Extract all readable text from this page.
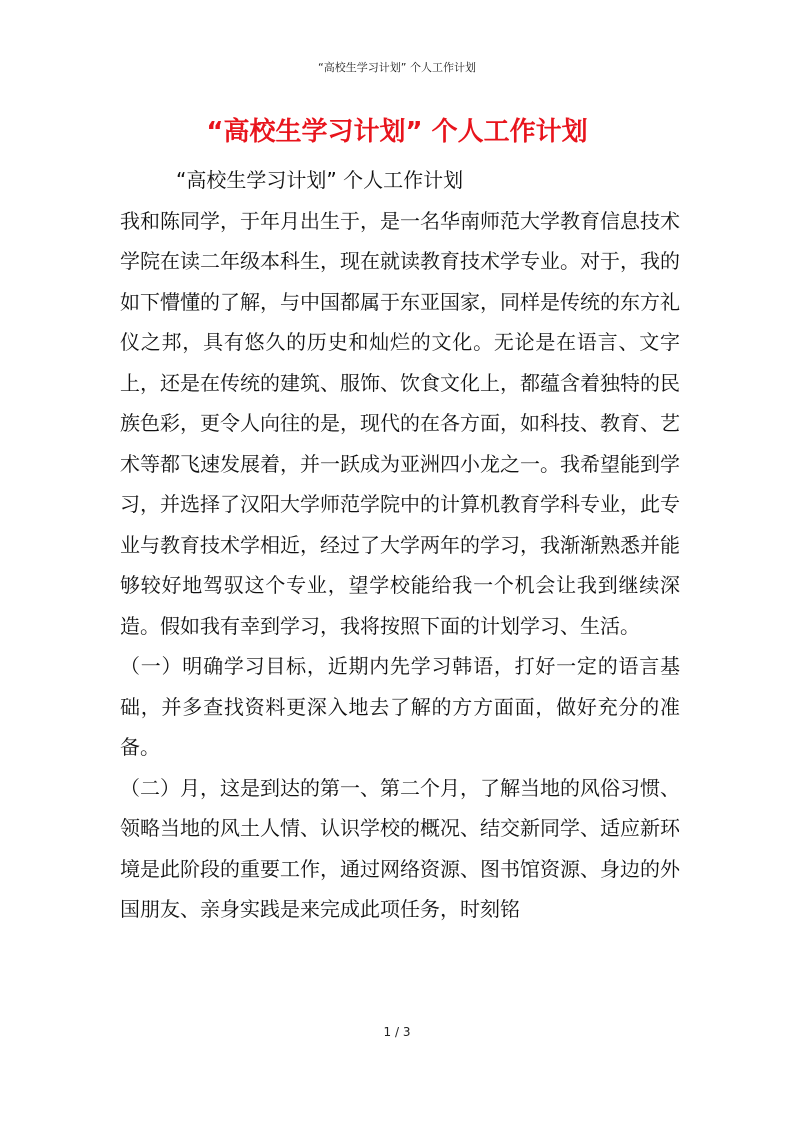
“高校生学习计划” 个人工作计划
“高校生学习计划” 个人工作计划

“高校生学习计划” 个人工作计划

我和陈同学，于年月出生于，是一名华南师范大学教育信息技术学院在读二年级本科生，现在就读教育技术学专业。对于，我的如下懵懂的了解，与中国都属于东亚国家，同样是传统的东方礼仪之邦，具有悠久的历史和灿烂的文化。无论是在语言、文字上，还是在传统的建筑、服饰、饮食文化上，都蕴含着独特的民族色彩，更令人向往的是，现代的在各方面，如科技、教育、艺术等都飞速发展着，并一跃成为亚洲四小龙之一。我希望能到学习，并选择了汉阳大学师范学院中的计算机教育学科专业，此专业与教育技术学相近，经过了大学两年的学习，我渐渐熟悉并能够较好地驾驭这个专业，望学校能给我一个机会让我到继续深造。假如我有幸到学习，我将按照下面的计划学习、生活。

（一）明确学习目标，近期内先学习韩语，打好一定的语言基础，并多查找资料更深入地去了解的方方面面，做好充分的准备。

（二）月，这是到达的第一、第二个月，了解当地的风俗习惯、领略当地的风土人情、认识学校的概况、结交新同学、适应新环境是此阶段的重要工作，通过网络资源、图书馆资源、身边的外国朋友、亲身实践是来完成此项任务，时刻铭

1 / 3
